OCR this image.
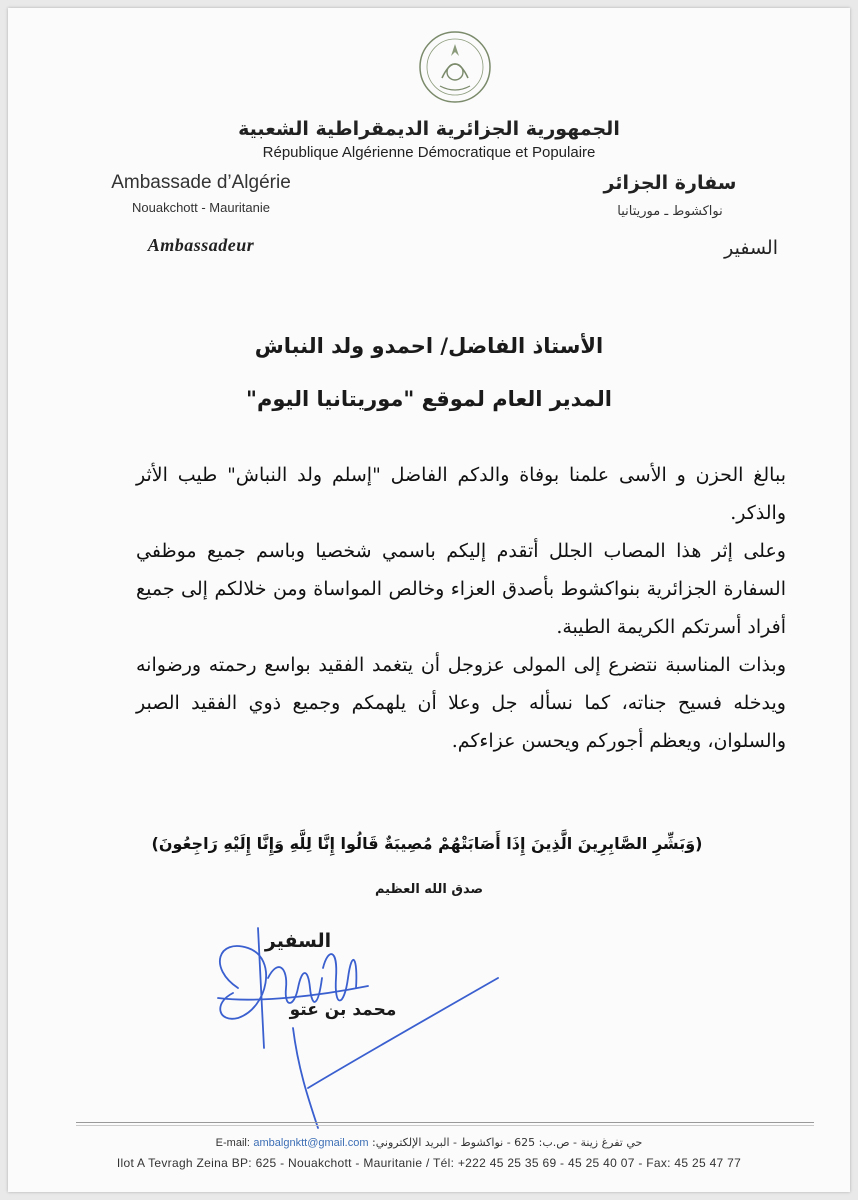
الجمهورية الجزائرية الديمقراطية الشعبية
République Algérienne Démocratique et Populaire
Ambassade d’Algérie
Nouakchott - Mauritanie
Ambassadeur
سفارة الجزائر
نواكشوط ـ موريتانيا
السفير
الأستاذ الفاضل/ احمدو ولد النباش
المدير العام لموقع "موريتانيا اليوم"

ببالغ الحزن و الأسى علمنا بوفاة والدكم الفاضل "إسلم ولد النباش" طيب الأثر والذكر.

وعلى إثر هذا المصاب الجلل أتقدم إليكم باسمي شخصيا وباسم جميع موظفي السفارة الجزائرية بنواكشوط بأصدق العزاء وخالص المواساة ومن خلالكم إلى جميع أفراد أسرتكم الكريمة الطيبة.

وبذات المناسبة نتضرع إلى المولى عزوجل أن يتغمد الفقيد بواسع رحمته ورضوانه ويدخله فسيح جناته، كما نسأله جل وعلا أن يلهمكم وجميع ذوي الفقيد الصبر والسلوان، ويعظم أجوركم ويحسن عزاءكم.

(وَبَشِّرِ الصَّابِرِينَ الَّذِينَ إِذَا أَصَابَتْهُمْ مُصِيبَةٌ قَالُوا إِنَّا لِلَّهِ وَإِنَّا إِلَيْهِ رَاجِعُونَ)
صدق الله العظيم
السفير
محمد بن عتو
E-mail: ambalgnktt@gmail.com حي تفرغ زينة - ص.ب: 625 - نواكشوط - البريد الإلكتروني:
Ilot A Tevragh Zeina BP: 625 - Nouakchott - Mauritanie / Tél: +222 45 25 35 69 - 45 25 40 07 - Fax: 45 25 47 77
